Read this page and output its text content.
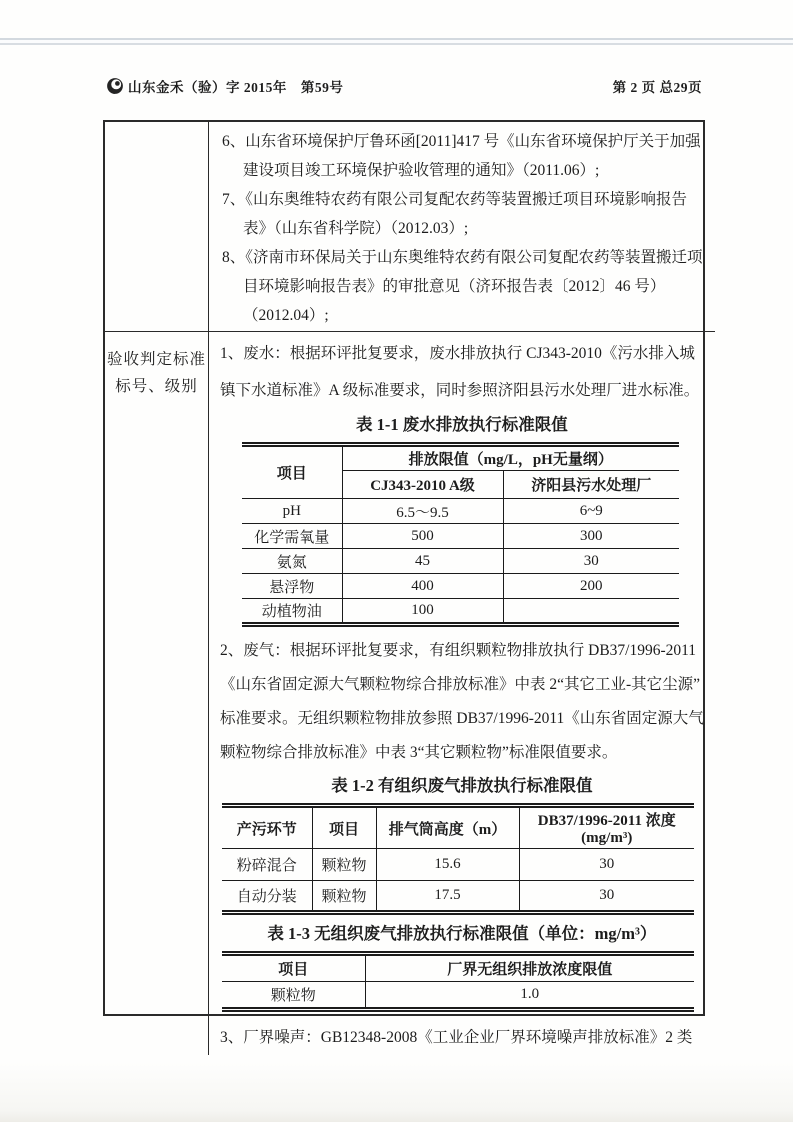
山东金禾（验）字 2015年　第59号	第 2 页 总29页
6、山东省环境保护厅鲁环函[2011]417 号《山东省环境保护厅关于加强
建设项目竣工环境保护验收管理的通知》（2011.06）;
7、《山东奥维特农药有限公司复配农药等装置搬迁项目环境影响报告
表》（山东省科学院）（2012.03）;
8、《济南市环保局关于山东奥维特农药有限公司复配农药等装置搬迁项
目环境影响报告表》的审批意见（济环报告表〔2012〕46 号）
（2012.04）;
验收判定标准
标号、级别
1、废水：根据环评批复要求，废水排放执行 CJ343-2010《污水排入城
镇下水道标准》A 级标准要求，同时参照济阳县污水处理厂进水标准。
表 1-1 废水排放执行标准限值
项目	排放限值（mg/L，pH无量纲）	
	CJ343-2010 A级	济阳县污水处理厂
pH	6.5～9.5	6~9
化学需氧量	500	300
氨氮	45	30
悬浮物	400	200
动植物油	100	
2、废气：根据环评批复要求，有组织颗粒物排放执行 DB37/1996-2011
《山东省固定源大气颗粒物综合排放标准》中表 2“其它工业-其它尘源”
标准要求。无组织颗粒物排放参照 DB37/1996-2011《山东省固定源大气
颗粒物综合排放标准》中表 3“其它颗粒物”标准限值要求。
表 1-2 有组织废气排放执行标准限值
产污环节	项目	排气筒高度（m）	DB37/1996-2011 浓度(mg/m³)
粉碎混合	颗粒物	15.6	30
自动分装	颗粒物	17.5	30
表 1-3 无组织废气排放执行标准限值（单位：mg/m³）
项目	厂界无组织排放浓度限值
颗粒物	1.0
3、厂界噪声：GB12348-2008《工业企业厂界环境噪声排放标准》2 类
